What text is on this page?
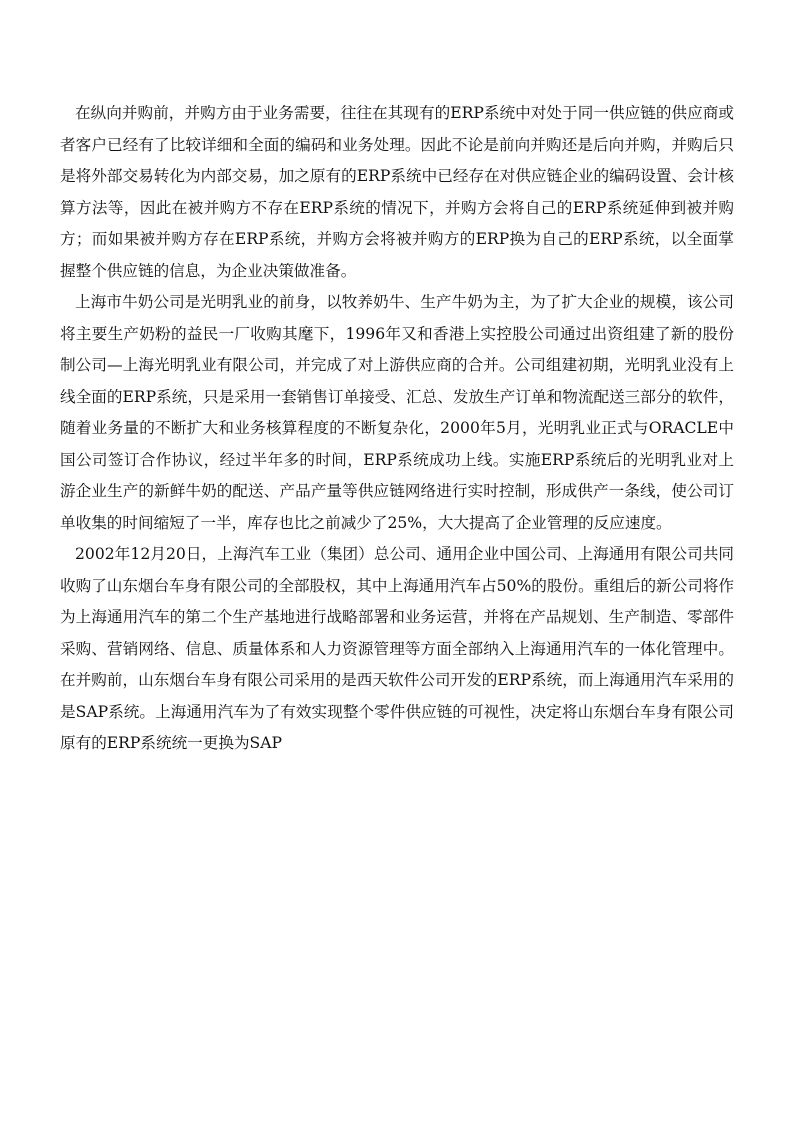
在纵向并购前，并购方由于业务需要，往往在其现有的ERP系统中对处于同一供应链的供应商或者客户已经有了比较详细和全面的编码和业务处理。因此不论是前向并购还是后向并购，并购后只是将外部交易转化为内部交易，加之原有的ERP系统中已经存在对供应链企业的编码设置、会计核算方法等，因此在被并购方不存在ERP系统的情况下，并购方会将自己的ERP系统延伸到被并购方；而如果被并购方存在ERP系统，并购方会将被并购方的ERP换为自己的ERP系统，以全面掌握整个供应链的信息，为企业决策做准备。

上海市牛奶公司是光明乳业的前身，以牧养奶牛、生产牛奶为主，为了扩大企业的规模，该公司将主要生产奶粉的益民一厂收购其麾下，1996年又和香港上实控股公司通过出资组建了新的股份制公司—上海光明乳业有限公司，并完成了对上游供应商的合并。公司组建初期，光明乳业没有上线全面的ERP系统，只是采用一套销售订单接受、汇总、发放生产订单和物流配送三部分的软件，随着业务量的不断扩大和业务核算程度的不断复杂化，2000年5月，光明乳业正式与ORACLE中国公司签订合作协议，经过半年多的时间，ERP系统成功上线。实施ERP系统后的光明乳业对上游企业生产的新鲜牛奶的配送、产品产量等供应链网络进行实时控制，形成供产一条线，使公司订单收集的时间缩短了一半，库存也比之前减少了25%，大大提高了企业管理的反应速度。

2002年12月20日，上海汽车工业（集团）总公司、通用企业中国公司、上海通用有限公司共同收购了山东烟台车身有限公司的全部股权，其中上海通用汽车占50%的股份。重组后的新公司将作为上海通用汽车的第二个生产基地进行战略部署和业务运营，并将在产品规划、生产制造、零部件采购、营销网络、信息、质量体系和人力资源管理等方面全部纳入上海通用汽车的一体化管理中。在并购前，山东烟台车身有限公司采用的是西天软件公司开发的ERP系统，而上海通用汽车采用的是SAP系统。上海通用汽车为了有效实现整个零件供应链的可视性，决定将山东烟台车身有限公司原有的ERP系统统一更换为SAP
